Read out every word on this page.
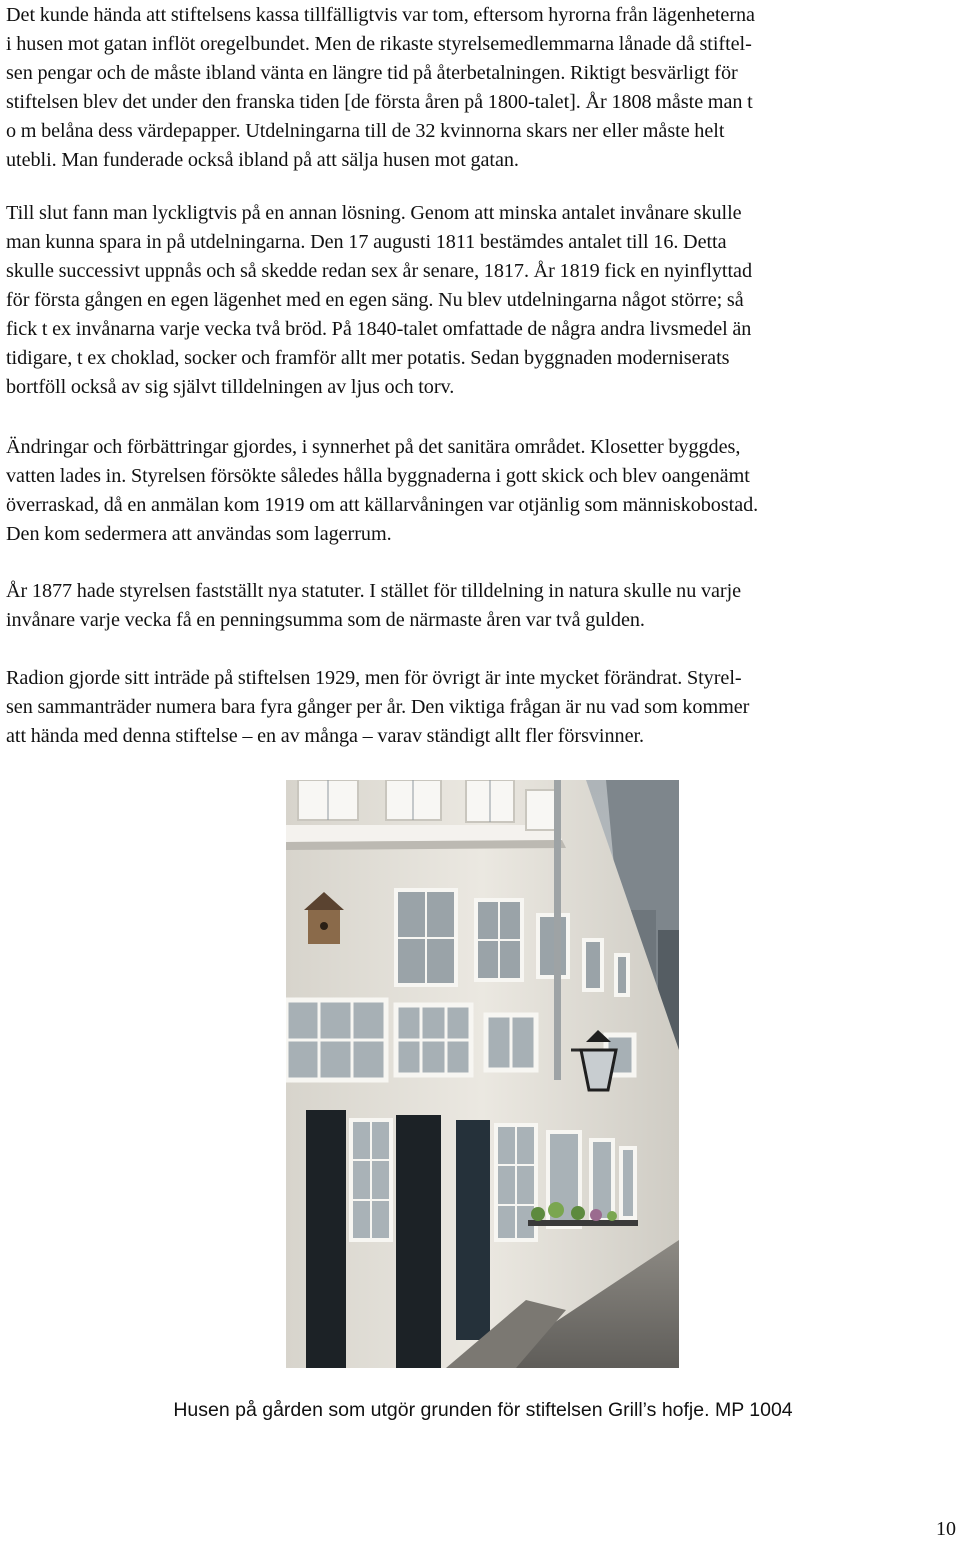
Det kunde hända att stiftelsens kassa tillfälligtvis var tom, eftersom hyrorna från lägenheterna
i husen mot gatan inflöt oregelbundet. Men de rikaste styrelsemedlemmarna lånade då stiftel-
sen pengar och de måste ibland vänta en längre tid på återbetalningen. Riktigt besvärligt för
stiftelsen blev det under den franska tiden [de första åren på 1800-talet]. År 1808 måste man t
o m belåna dess värdepapper. Utdelningarna till de 32 kvinnorna skars ner eller måste helt
utebli. Man funderade också ibland på att sälja husen mot gatan.

Till slut fann man lyckligtvis på en annan lösning. Genom att minska antalet invånare skulle
man kunna spara in på utdelningarna. Den 17 augusti 1811 bestämdes antalet till 16. Detta
skulle successivt uppnås och så skedde redan sex år senare, 1817. År 1819 fick en nyinflyttad
för första gången en egen lägenhet med en egen säng. Nu blev utdelningarna något större; så
fick t ex invånarna varje vecka två bröd. På 1840-talet omfattade de några andra livsmedel än
tidigare, t ex choklad, socker och framför allt mer potatis. Sedan byggnaden moderniserats
bortföll också av sig självt tilldelningen av ljus och torv.

Ändringar och förbättringar gjordes, i synnerhet på det sanitära området. Klosetter byggdes,
vatten lades in. Styrelsen försökte således hålla byggnaderna i gott skick och blev oangenämt
överraskad, då en anmälan kom 1919 om att källarvåningen var otjänlig som människobostad.
Den kom sedermera att användas som lagerrum.

År 1877 hade styrelsen fastställt nya statuter. I stället för tilldelning in natura skulle nu varje
invånare varje vecka få en penningsumma som de närmaste åren var två gulden.

Radion gjorde sitt inträde på stiftelsen 1929, men för övrigt är inte mycket förändrat. Styrel-
sen sammanträder numera bara fyra gånger per år. Den viktiga frågan är nu vad som kommer
att hända med denna stiftelse – en av många – varav ständigt allt fler försvinner.

Husen på gården som utgör grunden för stiftelsen Grill’s hofje. MP 1004
10
